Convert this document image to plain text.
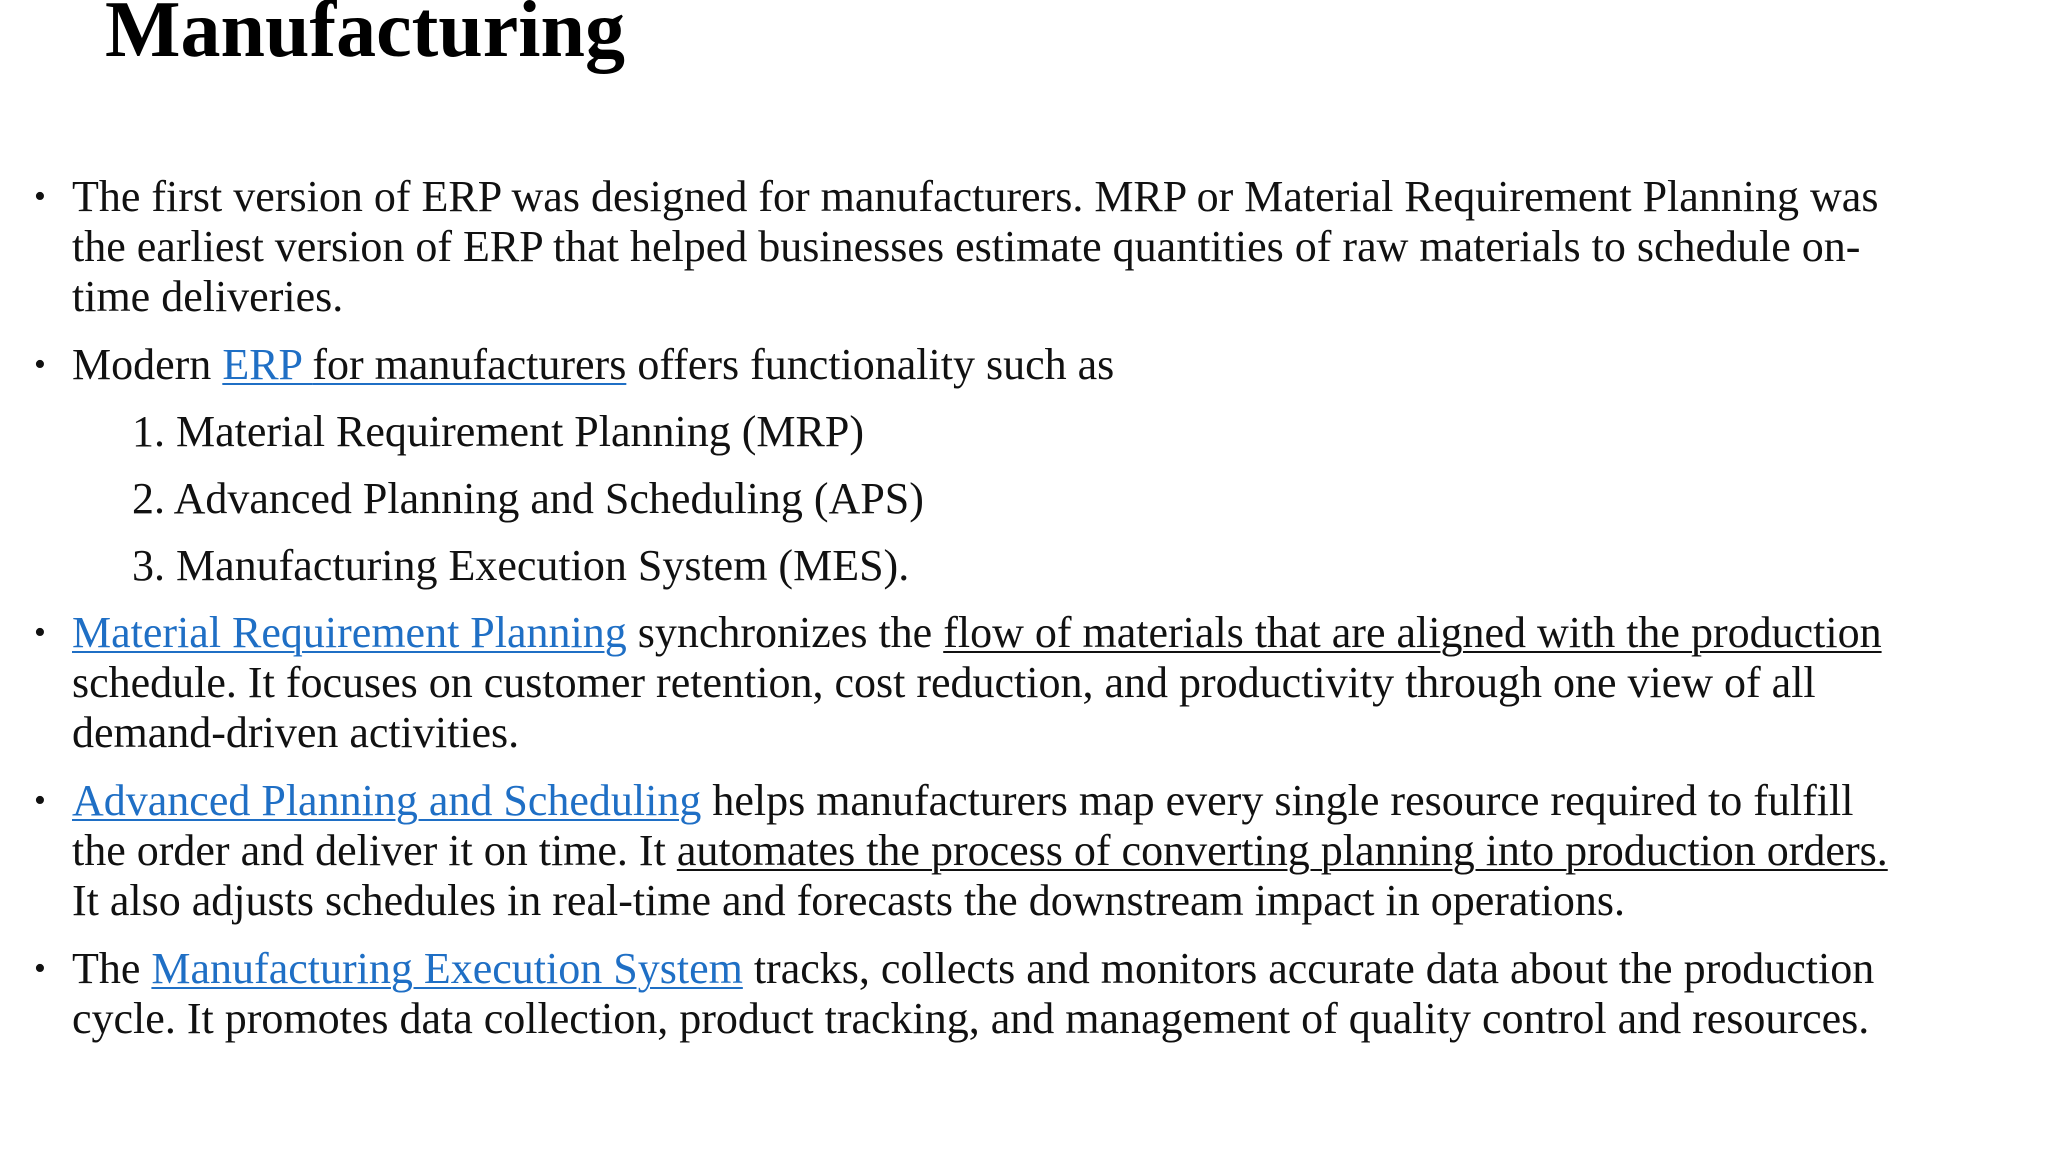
Manufacturing
• The first version of ERP was designed for manufacturers. MRP or Material Requirement Planning was
the earliest version of ERP that helped businesses estimate quantities of raw materials to schedule on-
time deliveries.
• Modern ERP for manufacturers offers functionality such as
1. Material Requirement Planning (MRP)
2. Advanced Planning and Scheduling (APS)
3. Manufacturing Execution System (MES).
• Material Requirement Planning synchronizes the flow of materials that are aligned with the production
schedule. It focuses on customer retention, cost reduction, and productivity through one view of all
demand-driven activities.
• Advanced Planning and Scheduling helps manufacturers map every single resource required to fulfill
the order and deliver it on time. It automates the process of converting planning into production orders.
It also adjusts schedules in real-time and forecasts the downstream impact in operations.
• The Manufacturing Execution System tracks, collects and monitors accurate data about the production
cycle. It promotes data collection, product tracking, and management of quality control and resources.
